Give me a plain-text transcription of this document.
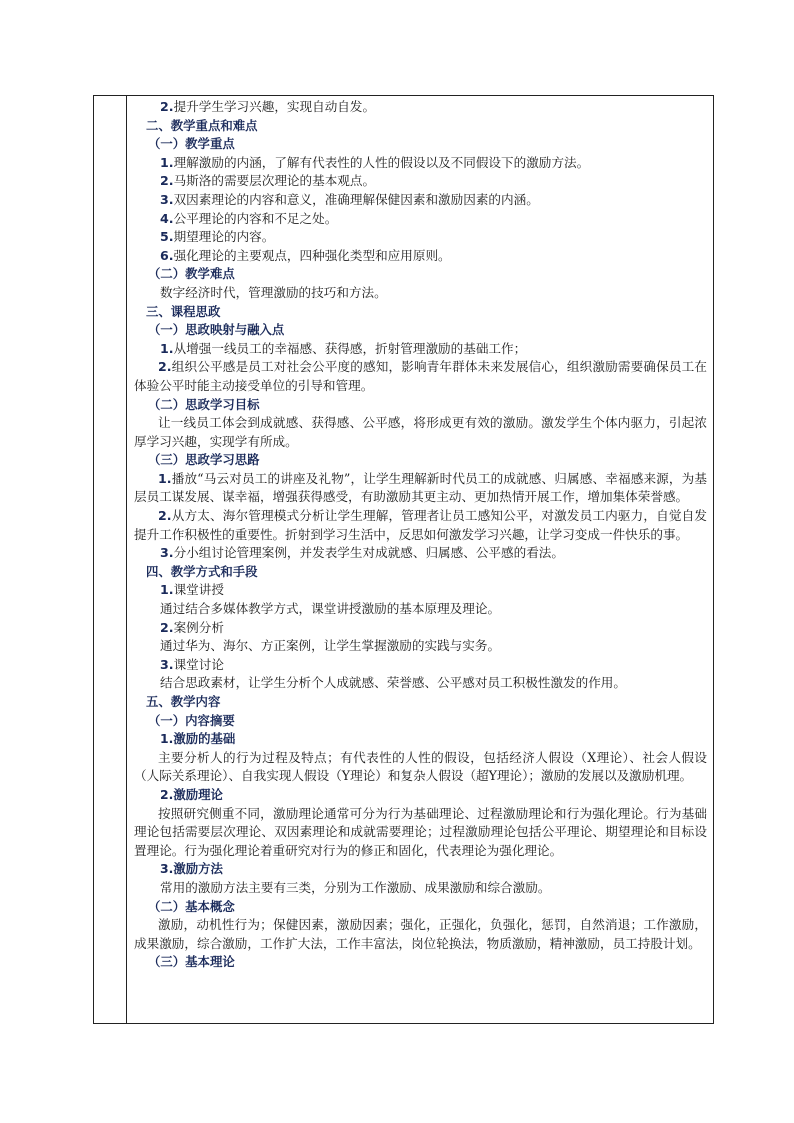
2.提升学生学习兴趣，实现自动自发。
二、教学重点和难点
（一）教学重点
1.理解激励的内涵，了解有代表性的人性的假设以及不同假设下的激励方法。
2.马斯洛的需要层次理论的基本观点。
3.双因素理论的内容和意义，准确理解保健因素和激励因素的内涵。
4.公平理论的内容和不足之处。
5.期望理论的内容。
6.强化理论的主要观点，四种强化类型和应用原则。
（二）教学难点
数字经济时代，管理激励的技巧和方法。
三、课程思政
（一）思政映射与融入点
1.从增强一线员工的幸福感、获得感，折射管理激励的基础工作；
2.组织公平感是员工对社会公平度的感知，影响青年群体未来发展信心，组织激励需要确保员工在体验公平时能主动接受单位的引导和管理。
（二）思政学习目标
让一线员工体会到成就感、获得感、公平感，将形成更有效的激励。激发学生个体内驱力，引起浓厚学习兴趣，实现学有所成。
（三）思政学习思路
1.播放“马云对员工的讲座及礼物”，让学生理解新时代员工的成就感、归属感、幸福感来源，为基层员工谋发展、谋幸福，增强获得感受，有助激励其更主动、更加热情开展工作，增加集体荣誉感。
2.从方太、海尔管理模式分析让学生理解，管理者让员工感知公平，对激发员工内驱力，自觉自发提升工作积极性的重要性。折射到学习生活中，反思如何激发学习兴趣，让学习变成一件快乐的事。
3.分小组讨论管理案例，并发表学生对成就感、归属感、公平感的看法。
四、教学方式和手段
1.课堂讲授
通过结合多媒体教学方式，课堂讲授激励的基本原理及理论。
2.案例分析
通过华为、海尔、方正案例，让学生掌握激励的实践与实务。
3.课堂讨论
结合思政素材，让学生分析个人成就感、荣誉感、公平感对员工积极性激发的作用。
五、教学内容
（一）内容摘要
1.激励的基础
主要分析人的行为过程及特点；有代表性的人性的假设，包括经济人假设（X理论）、社会人假设（人际关系理论）、自我实现人假设（Y理论）和复杂人假设（超Y理论）；激励的发展以及激励机理。
2.激励理论
按照研究侧重不同，激励理论通常可分为行为基础理论、过程激励理论和行为强化理论。行为基础理论包括需要层次理论、双因素理论和成就需要理论；过程激励理论包括公平理论、期望理论和目标设置理论。行为强化理论着重研究对行为的修正和固化，代表理论为强化理论。
3.激励方法
常用的激励方法主要有三类，分别为工作激励、成果激励和综合激励。
（二）基本概念
激励，动机性行为；保健因素，激励因素；强化，正强化，负强化，惩罚，自然消退；工作激励，成果激励，综合激励，工作扩大法，工作丰富法，岗位轮换法，物质激励，精神激励，员工持股计划。
（三）基本理论
